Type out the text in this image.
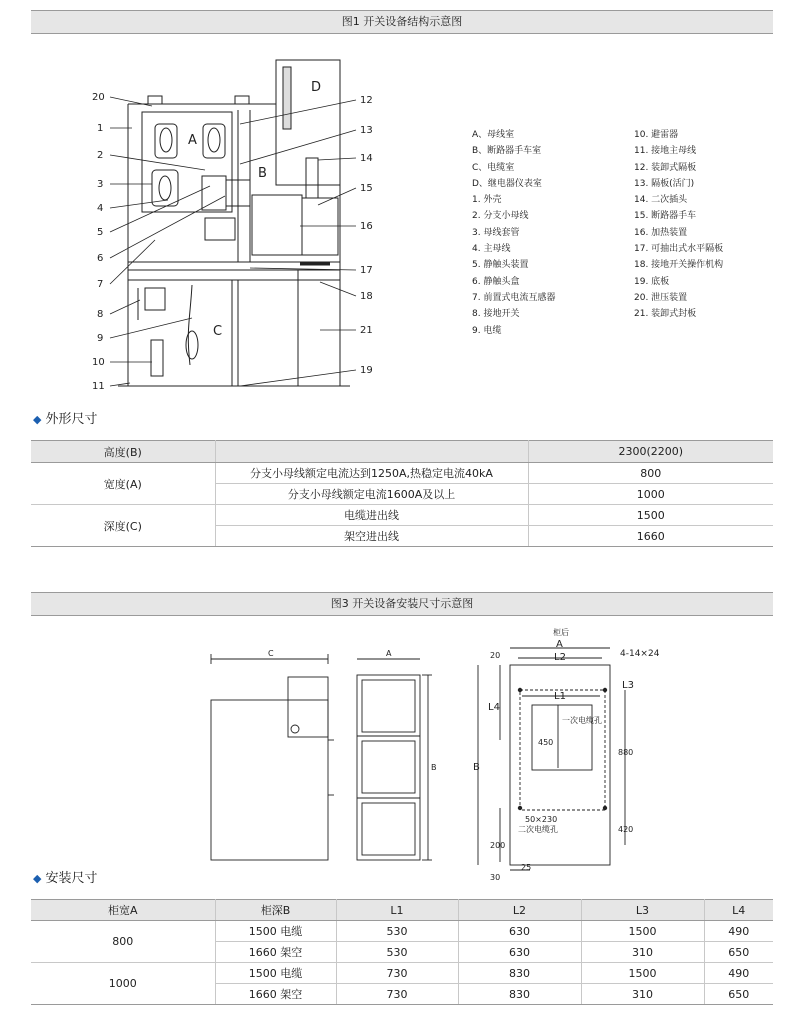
图1 开关设备结构示意图
20
1
2
3
4
5
6
7
8
9
10
11
12
13
14
15
16
17
18
21
19
A
B
C
D
A、母线室
B、断路器手车室
C、电缆室
D、继电器仪表室
1. 外壳
2. 分支小母线
3. 母线套管
4. 主母线
5. 静触头装置
6. 静触头盒
7. 前置式电流互感器
8. 接地开关
9. 电缆
10. 避雷器
11. 接地主母线
12. 装卸式隔板
13. 隔板(活门)
14. 二次插头
15. 断路器手车
16. 加热装置
17. 可抽出式水平隔板
18. 接地开关操作机构
19. 底板
20. 泄压装置
21. 装卸式封板
◆ 外形尺寸
高度(B)		2300(2200)
宽度(A)	分支小母线额定电流达到1250A,热稳定电流40kA	800
	分支小母线额定电流1600A及以上	1000
深度(C)	电缆进出线	1500
	架空进出线	1660
图3 开关设备安装尺寸示意图
C	A
B
柜后
A
L2
L1
L3
L4
B
4-14×24
20
450
880
420
200
30
25
一次电缆孔
50×230
二次电缆孔
◆ 安装尺寸
柜宽A	柜深B	L1	L2	L3	L4
800	1500 电缆	530	630	1500	490
	1660 架空	530	630	310	650
1000	1500 电缆	730	830	1500	490
	1660 架空	730	830	310	650
